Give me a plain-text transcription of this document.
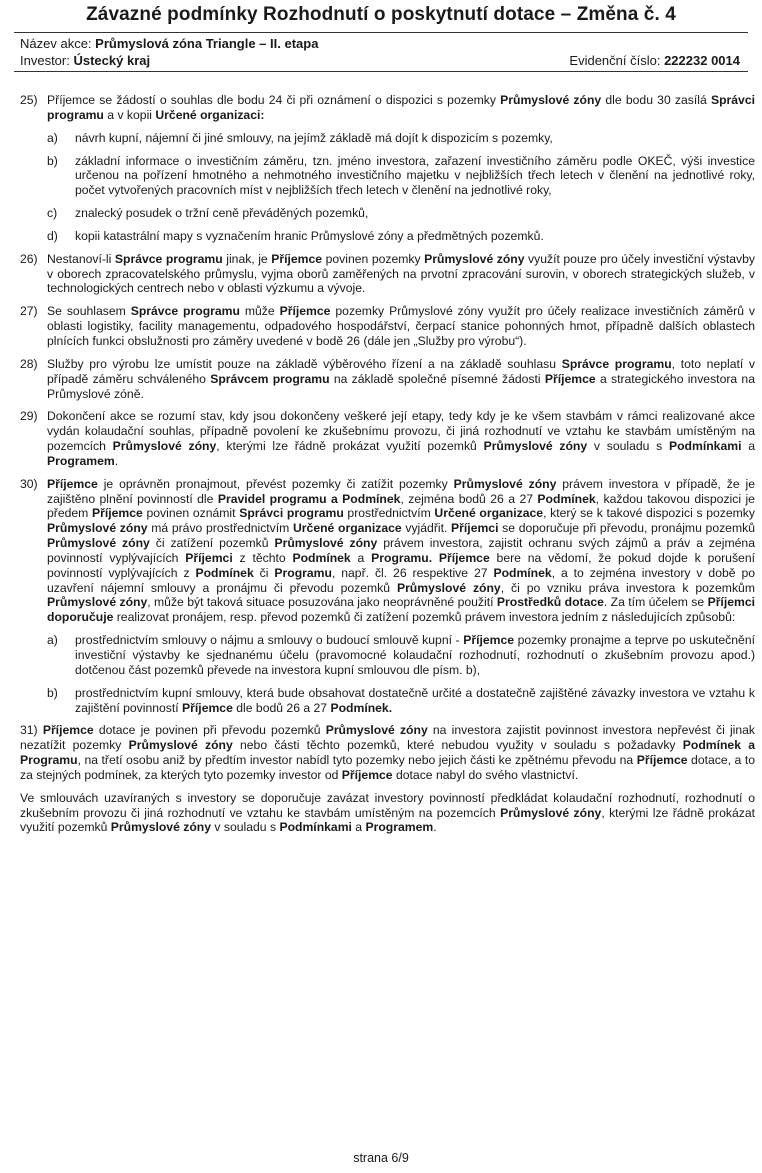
Závazné podmínky Rozhodnutí o poskytnutí dotace – Změna č. 4
Název akce: Průmyslová zóna Triangle – II. etapa
Investor: Ústecký kraj	Evidenční číslo: 222232 0014
25) Příjemce se žádostí o souhlas dle bodu 24 či při oznámení o dispozici s pozemky Průmyslové zóny dle bodu 30 zasílá Správci programu a v kopii Určené organizaci:
a) návrh kupní, nájemní či jiné smlouvy, na jejímž základě má dojít k dispozicím s pozemky,
b) základní informace o investičním záměru, tzn. jméno investora, zařazení investičního záměru podle OKEČ, výši investice určenou na pořízení hmotného a nehmotného investičního majetku v nejbližších třech letech v členění na jednotlivé roky, počet vytvořených pracovních míst v nejbližších třech letech v členění na jednotlivé roky,
c) znalecký posudek o tržní ceně převáděných pozemků,
d) kopii katastrální mapy s vyznačením hranic Průmyslové zóny a předmětných pozemků.
26) Nestanoví-li Správce programu jinak, je Příjemce povinen pozemky Průmyslové zóny využít pouze pro účely investiční výstavby v oborech zpracovatelského průmyslu, vyjma oborů zaměřených na prvotní zpracování surovin, v oborech strategických služeb, v technologických centrech nebo v oblasti výzkumu a vývoje.
27) Se souhlasem Správce programu může Příjemce pozemky Průmyslové zóny využít pro účely realizace investičních záměrů v oblasti logistiky, facility managementu, odpadového hospodářství, čerpací stanice pohonných hmot, případně dalších oblastech plnících funkci obslužnosti pro záměry uvedené v bodě 26 (dále jen „Služby pro výrobu“).
28) Služby pro výrobu lze umístit pouze na základě výběrového řízení a na základě souhlasu Správce programu, toto neplatí v případě záměru schváleného Správcem programu na základě společné písemné žádosti Příjemce a strategického investora na Průmyslové zóně.
29) Dokončení akce se rozumí stav, kdy jsou dokončeny veškeré její etapy, tedy kdy je ke všem stavbám v rámci realizované akce vydán kolaudační souhlas, případně povolení ke zkušebnímu provozu, či jiná rozhodnutí ve vztahu ke stavbám umístěným na pozemcích Průmyslové zóny, kterými lze řádně prokázat využití pozemků Průmyslové zóny v souladu s Podmínkami a Programem.
30) Příjemce je oprávněn pronajmout, převést pozemky či zatížit pozemky Průmyslové zóny právem investora v případě, že je zajištěno plnění povinností dle Pravidel programu a Podmínek, zejména bodů 26 a 27 Podmínek, každou takovou dispozici je předem Příjemce povinen oznámit Správci programu prostřednictvím Určené organizace, který se k takové dispozici s pozemky Průmyslové zóny má právo prostřednictvím Určené organizace vyjádřit. Příjemci se doporučuje při převodu, pronájmu pozemků Průmyslové zóny či zatížení pozemků Průmyslové zóny právem investora, zajistit ochranu svých zájmů a práv a zejména povinností vyplývajících Příjemci z těchto Podmínek a Programu. Příjemce bere na vědomí, že pokud dojde k porušení povinností vyplývajících z Podmínek či Programu, např. čl. 26 respektive 27 Podmínek, a to zejména investory v době po uzavření nájemní smlouvy a pronájmu či převodu pozemků Průmyslové zóny, či po vzniku práva investora k pozemkům Průmyslové zóny, může být taková situace posuzována jako neoprávněné použití Prostředků dotace. Za tím účelem se Příjemci doporučuje realizovat pronájem, resp. převod pozemků či zatížení pozemků právem investora jedním z následujících způsobů:
a) prostřednictvím smlouvy o nájmu a smlouvy o budoucí smlouvě kupní - Příjemce pozemky pronajme a teprve po uskutečnění investiční výstavby ke sjednanému účelu (pravomocné kolaudační rozhodnutí, rozhodnutí o zkušebním provozu apod.) dotčenou část pozemků převede na investora kupní smlouvou dle písm. b),
b) prostřednictvím kupní smlouvy, která bude obsahovat dostatečně určité a dostatečně zajištěné závazky investora ve vztahu k zajištění povinností Příjemce dle bodů 26 a 27 Podmínek.
31) Příjemce dotace je povinen při převodu pozemků Průmyslové zóny na investora zajistit povinnost investora nepřevést či jinak nezatížit pozemky Průmyslové zóny nebo části těchto pozemků, které nebudou využity v souladu s požadavky Podmínek a Programu, na třetí osobu aniž by předtím investor nabídl tyto pozemky nebo jejich části ke zpětnému převodu na Příjemce dotace, a to za stejných podmínek, za kterých tyto pozemky investor od Příjemce dotace nabyl do svého vlastnictví.
Ve smlouvách uzavíraných s investory se doporučuje zavázat investory povinností předkládat kolaudační rozhodnutí, rozhodnutí o zkušebním provozu či jiná rozhodnutí ve vztahu ke stavbám umístěným na pozemcích Průmyslové zóny, kterými lze řádně prokázat využití pozemků Průmyslové zóny v souladu s Podmínkami a Programem.
strana 6/9
